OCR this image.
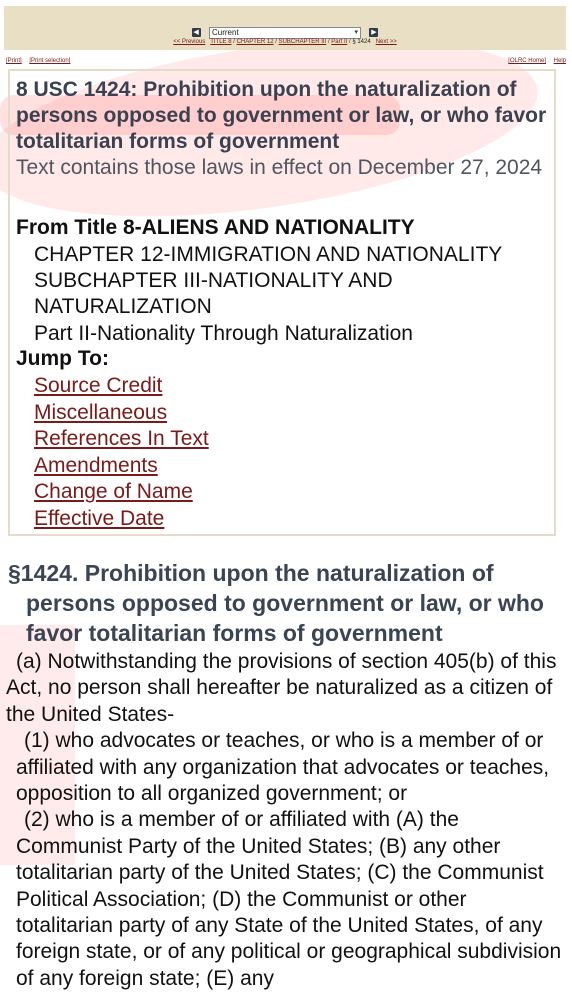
◀ Current	▾ ▶
<< Previous TITLE 8 / CHAPTER 12 / SUBCHAPTER III / Part II / § 1424 Next >>
[Print] [Print selection]	[OLRC Home] Help
8 USC 1424: Prohibition upon the naturalization of persons opposed to government or law, or who favor totalitarian forms of government
Text contains those laws in effect on December 27, 2024
From Title 8-ALIENS AND NATIONALITY
CHAPTER 12-IMMIGRATION AND NATIONALITY
SUBCHAPTER III-NATIONALITY AND NATURALIZATION
Part II-Nationality Through Naturalization
Jump To:
Source Credit
Miscellaneous
References In Text
Amendments
Change of Name
Effective Date
§1424. Prohibition upon the naturalization of
persons opposed to government or law, or who
favor totalitarian forms of government

(a) Notwithstanding the provisions of section 405(b) of this Act, no person shall hereafter be naturalized as a citizen of the United States-

(1) who advocates or teaches, or who is a member of or affiliated with any organization that advocates or teaches, opposition to all organized government; or

(2) who is a member of or affiliated with (A) the Communist Party of the United States; (B) any other totalitarian party of the United States; (C) the Communist Political Association; (D) the Communist or other totalitarian party of any State of the United States, of any foreign state, or of any political or geographical subdivision of any foreign state; (E) any
